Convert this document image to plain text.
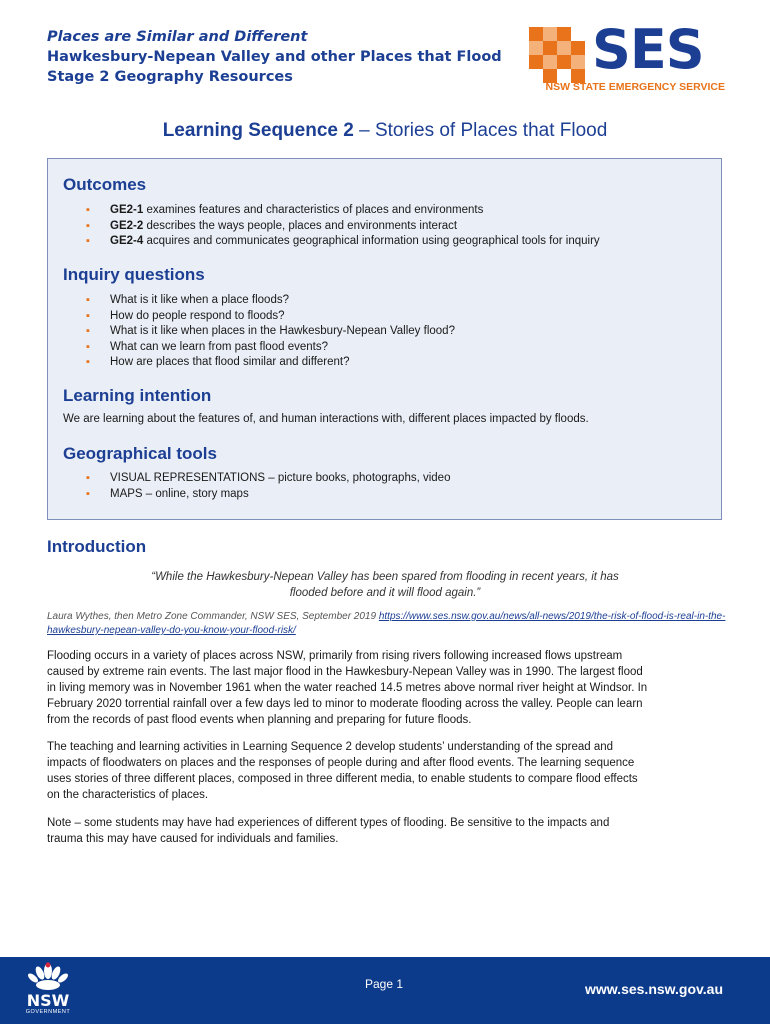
Places are Similar and Different
Hawkesbury-Nepean Valley and other Places that Flood
Stage 2 Geography Resources	SES
NSW STATE EMERGENCY SERVICE
Learning Sequence 2 – Stories of Places that Flood
Outcomes
▪ GE2-1 examines features and characteristics of places and environments
▪ GE2-2 describes the ways people, places and environments interact
▪ GE2-4 acquires and communicates geographical information using geographical tools for inquiry
Inquiry questions
▪ What is it like when a place floods?
▪ How do people respond to floods?
▪ What is it like when places in the Hawkesbury-Nepean Valley flood?
▪ What can we learn from past flood events?
▪ How are places that flood similar and different?
Learning intention
We are learning about the features of, and human interactions with, different places impacted by floods.
Geographical tools
▪ VISUAL REPRESENTATIONS – picture books, photographs, video
▪ MAPS – online, story maps
Introduction
“While the Hawkesbury-Nepean Valley has been spared from flooding in recent years, it has
flooded before and it will flood again.”
Laura Wythes, then Metro Zone Commander, NSW SES, September 2019 https://www.ses.nsw.gov.au/news/all-news/2019/the-risk-of-flood-is-real-in-the-hawkesbury-nepean-valley-do-you-know-your-flood-risk/
Flooding occurs in a variety of places across NSW, primarily from rising rivers following increased flows upstream
caused by extreme rain events. The last major flood in the Hawkesbury-Nepean Valley was in 1990. The largest flood
in living memory was in November 1961 when the water reached 14.5 metres above normal river height at Windsor. In
February 2020 torrential rainfall over a few days led to minor to moderate flooding across the valley. People can learn
from the records of past flood events when planning and preparing for future floods.
The teaching and learning activities in Learning Sequence 2 develop students’ understanding of the spread and
impacts of floodwaters on places and the responses of people during and after flood events. The learning sequence
uses stories of three different places, composed in three different media, to enable students to compare flood effects
on the characteristics of places.
Note – some students may have had experiences of different types of flooding. Be sensitive to the impacts and
trauma this may have caused for individuals and families.
NSW
GOVERNMENT
Page 1	www.ses.nsw.gov.au
